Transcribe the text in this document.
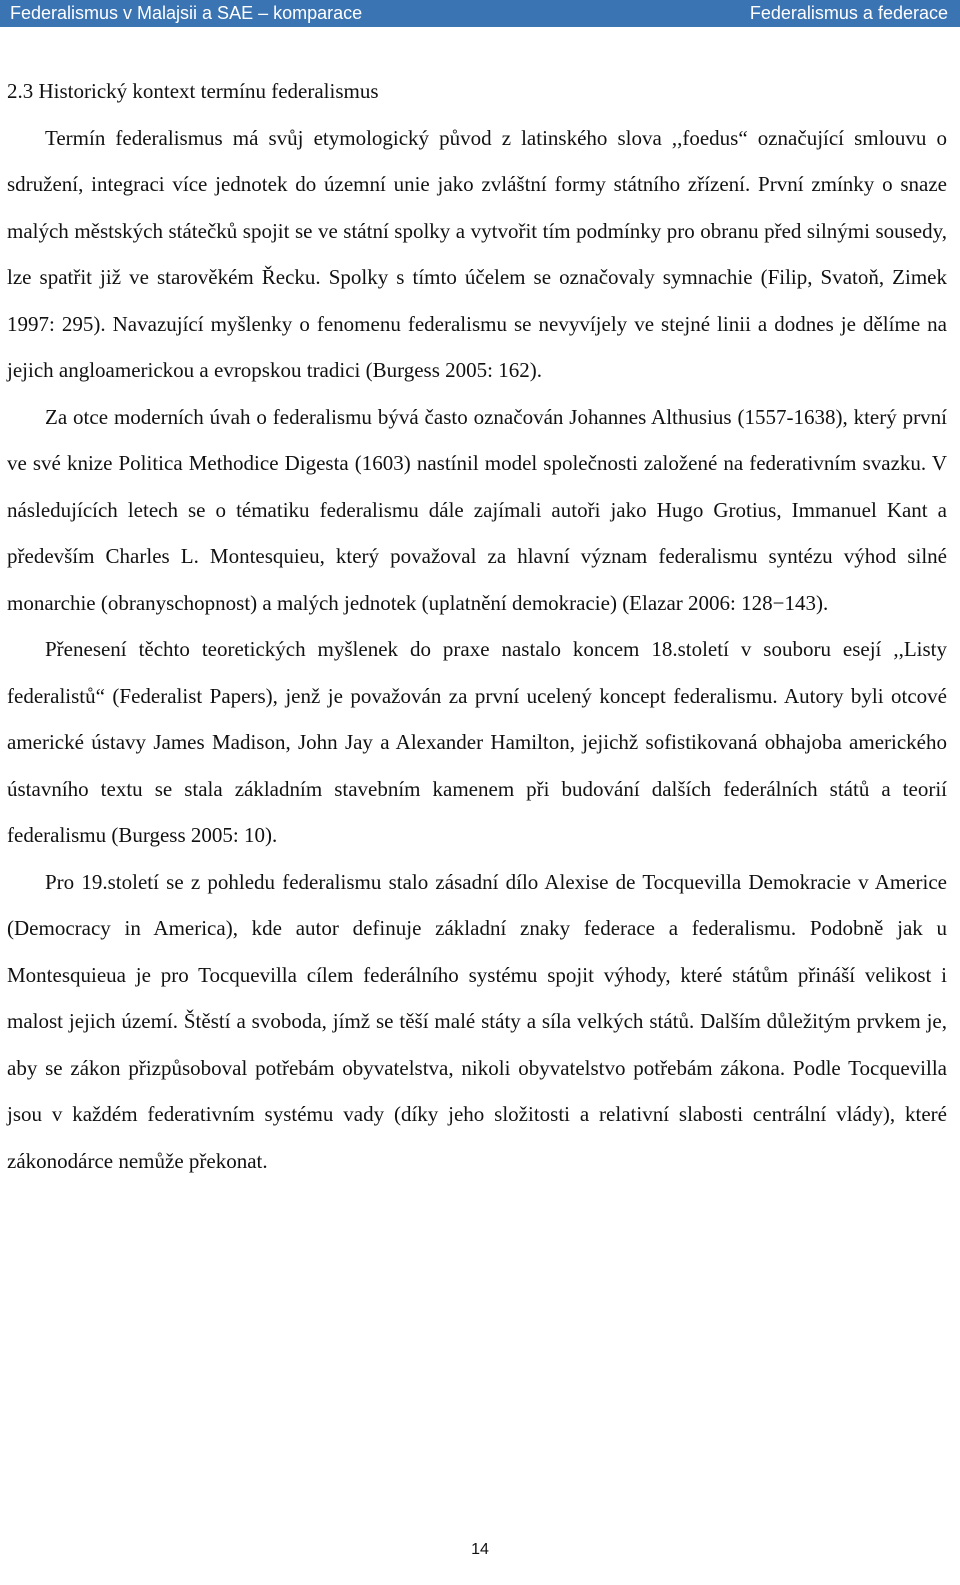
Federalismus v Malajsii a SAE – komparace	Federalismus a federace
2.3 Historický kontext termínu federalismus

Termín federalismus má svůj etymologický původ z latinského slova ,,foedus“ označující smlouvu o sdružení, integraci více jednotek do územní unie jako zvláštní formy státního zřízení. První zmínky o snaze malých městských státečků spojit se ve státní spolky a vytvořit tím podmínky pro obranu před silnými sousedy, lze spatřit již ve starověkém Řecku. Spolky s tímto účelem se označovaly symnachie (Filip, Svatoň, Zimek 1997: 295). Navazující myšlenky o fenomenu federalismu se nevyvíjely ve stejné linii a dodnes je dělíme na jejich angloamerickou a evropskou tradici (Burgess 2005: 162).

Za otce moderních úvah o federalismu bývá často označován Johannes Althusius (1557-1638), který první ve své knize Politica Methodice Digesta (1603) nastínil model společnosti založené na federativním svazku. V následujících letech se o tématiku federalismu dále zajímali autoři jako Hugo Grotius, Immanuel Kant a především Charles L. Montesquieu, který považoval za hlavní význam federalismu syntézu výhod silné monarchie (obranyschopnost) a malých jednotek (uplatnění demokracie) (Elazar 2006: 128−143).

Přenesení těchto teoretických myšlenek do praxe nastalo koncem 18.století v souboru esejí ,,Listy federalistů“ (Federalist Papers), jenž je považován za první ucelený koncept federalismu. Autory byli otcové americké ústavy James Madison, John Jay a Alexander Hamilton, jejichž sofistikovaná obhajoba amerického ústavního textu se stala základním stavebním kamenem při budování dalších federálních států a teorií federalismu (Burgess 2005: 10).

Pro 19.století se z pohledu federalismu stalo zásadní dílo Alexise de Tocquevilla Demokracie v Americe (Democracy in America), kde autor definuje základní znaky federace a federalismu. Podobně jak u Montesquieua je pro Tocquevilla cílem federálního systému spojit výhody, které státům přináší velikost i malost jejich území. Štěstí a svoboda, jímž se těší malé státy a síla velkých států. Dalším důležitým prvkem je, aby se zákon přizpůsoboval potřebám obyvatelstva, nikoli obyvatelstvo potřebám zákona. Podle Tocquevilla jsou v každém federativním systému vady (díky jeho složitosti a relativní slabosti centrální vlády), které zákonodárce nemůže překonat.

14
